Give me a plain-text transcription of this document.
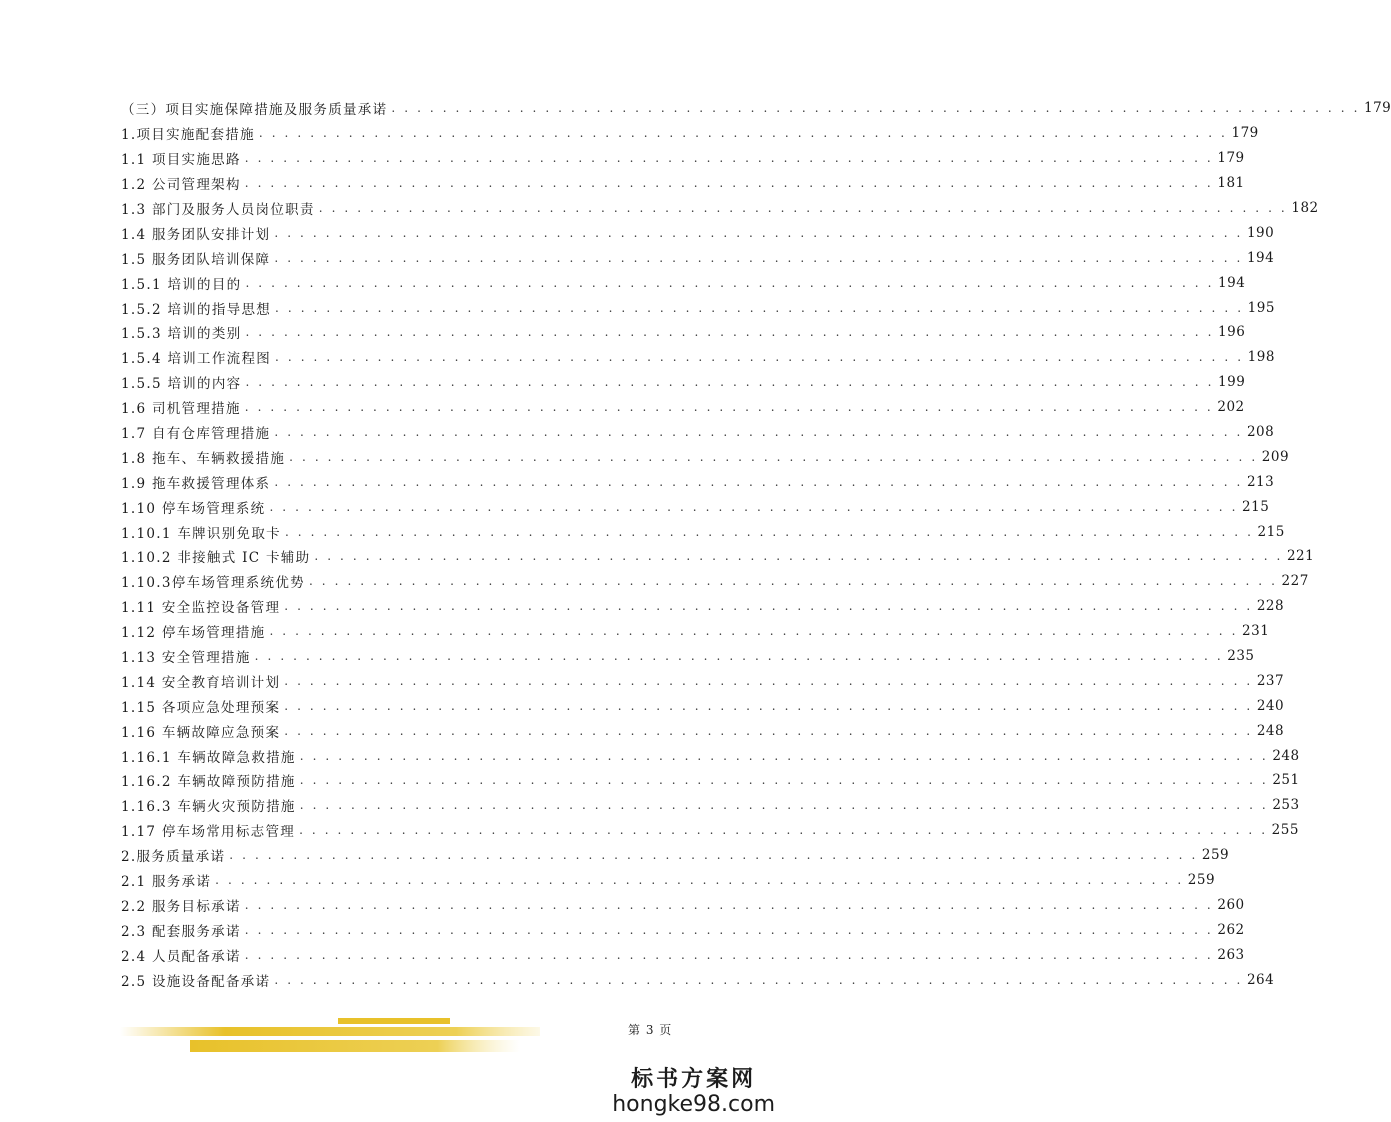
（三）项目实施保障措施及服务质量承诺 . . . . . . . . . . . . . . . . . . . . . . . . . . . . . . . . . . . . . . . . . . . . . . . . . . . . . . . . . . . . . . . . . . . . . . . . . . . . 179
1.项目实施配套措施 . . . . . . . . . . . . . . . . . . . . . . . . . . . . . . . . . . . . . . . . . . . . . . . . . . . . . . . . . . . . . . . . . . . . . . . . . . . . 179
1.1 项目实施思路 . . . . . . . . . . . . . . . . . . . . . . . . . . . . . . . . . . . . . . . . . . . . . . . . . . . . . . . . . . . . . . . . . . . . . . . . . . . . 179
1.2 公司管理架构 . . . . . . . . . . . . . . . . . . . . . . . . . . . . . . . . . . . . . . . . . . . . . . . . . . . . . . . . . . . . . . . . . . . . . . . . . . . . 181
1.3 部门及服务人员岗位职责 . . . . . . . . . . . . . . . . . . . . . . . . . . . . . . . . . . . . . . . . . . . . . . . . . . . . . . . . . . . . . . . . . . . . . . . . . . . . 182
1.4 服务团队安排计划 . . . . . . . . . . . . . . . . . . . . . . . . . . . . . . . . . . . . . . . . . . . . . . . . . . . . . . . . . . . . . . . . . . . . . . . . . . . . 190
1.5 服务团队培训保障 . . . . . . . . . . . . . . . . . . . . . . . . . . . . . . . . . . . . . . . . . . . . . . . . . . . . . . . . . . . . . . . . . . . . . . . . . . . . 194
1.5.1 培训的目的 . . . . . . . . . . . . . . . . . . . . . . . . . . . . . . . . . . . . . . . . . . . . . . . . . . . . . . . . . . . . . . . . . . . . . . . . . . . . 194
1.5.2 培训的指导思想 . . . . . . . . . . . . . . . . . . . . . . . . . . . . . . . . . . . . . . . . . . . . . . . . . . . . . . . . . . . . . . . . . . . . . . . . . . . . 195
1.5.3 培训的类别 . . . . . . . . . . . . . . . . . . . . . . . . . . . . . . . . . . . . . . . . . . . . . . . . . . . . . . . . . . . . . . . . . . . . . . . . . . . . 196
1.5.4 培训工作流程图 . . . . . . . . . . . . . . . . . . . . . . . . . . . . . . . . . . . . . . . . . . . . . . . . . . . . . . . . . . . . . . . . . . . . . . . . . . . . 198
1.5.5 培训的内容 . . . . . . . . . . . . . . . . . . . . . . . . . . . . . . . . . . . . . . . . . . . . . . . . . . . . . . . . . . . . . . . . . . . . . . . . . . . . 199
1.6 司机管理措施 . . . . . . . . . . . . . . . . . . . . . . . . . . . . . . . . . . . . . . . . . . . . . . . . . . . . . . . . . . . . . . . . . . . . . . . . . . . . 202
1.7 自有仓库管理措施 . . . . . . . . . . . . . . . . . . . . . . . . . . . . . . . . . . . . . . . . . . . . . . . . . . . . . . . . . . . . . . . . . . . . . . . . . . . . 208
1.8 拖车、车辆救援措施 . . . . . . . . . . . . . . . . . . . . . . . . . . . . . . . . . . . . . . . . . . . . . . . . . . . . . . . . . . . . . . . . . . . . . . . . . . . . 209
1.9 拖车救援管理体系 . . . . . . . . . . . . . . . . . . . . . . . . . . . . . . . . . . . . . . . . . . . . . . . . . . . . . . . . . . . . . . . . . . . . . . . . . . . . 213
1.10 停车场管理系统 . . . . . . . . . . . . . . . . . . . . . . . . . . . . . . . . . . . . . . . . . . . . . . . . . . . . . . . . . . . . . . . . . . . . . . . . . . . . 215
1.10.1 车牌识别免取卡 . . . . . . . . . . . . . . . . . . . . . . . . . . . . . . . . . . . . . . . . . . . . . . . . . . . . . . . . . . . . . . . . . . . . . . . . . . . . 215
1.10.2 非接触式 IC 卡辅助 . . . . . . . . . . . . . . . . . . . . . . . . . . . . . . . . . . . . . . . . . . . . . . . . . . . . . . . . . . . . . . . . . . . . . . . . . . . . 221
1.10.3停车场管理系统优势 . . . . . . . . . . . . . . . . . . . . . . . . . . . . . . . . . . . . . . . . . . . . . . . . . . . . . . . . . . . . . . . . . . . . . . . . . . . . 227
1.11 安全监控设备管理 . . . . . . . . . . . . . . . . . . . . . . . . . . . . . . . . . . . . . . . . . . . . . . . . . . . . . . . . . . . . . . . . . . . . . . . . . . . . 228
1.12 停车场管理措施 . . . . . . . . . . . . . . . . . . . . . . . . . . . . . . . . . . . . . . . . . . . . . . . . . . . . . . . . . . . . . . . . . . . . . . . . . . . . 231
1.13 安全管理措施 . . . . . . . . . . . . . . . . . . . . . . . . . . . . . . . . . . . . . . . . . . . . . . . . . . . . . . . . . . . . . . . . . . . . . . . . . . . . 235
1.14 安全教育培训计划 . . . . . . . . . . . . . . . . . . . . . . . . . . . . . . . . . . . . . . . . . . . . . . . . . . . . . . . . . . . . . . . . . . . . . . . . . . . . 237
1.15 各项应急处理预案 . . . . . . . . . . . . . . . . . . . . . . . . . . . . . . . . . . . . . . . . . . . . . . . . . . . . . . . . . . . . . . . . . . . . . . . . . . . . 240
1.16 车辆故障应急预案 . . . . . . . . . . . . . . . . . . . . . . . . . . . . . . . . . . . . . . . . . . . . . . . . . . . . . . . . . . . . . . . . . . . . . . . . . . . . 248
1.16.1 车辆故障急救措施 . . . . . . . . . . . . . . . . . . . . . . . . . . . . . . . . . . . . . . . . . . . . . . . . . . . . . . . . . . . . . . . . . . . . . . . . . . . . 248
1.16.2 车辆故障预防措施 . . . . . . . . . . . . . . . . . . . . . . . . . . . . . . . . . . . . . . . . . . . . . . . . . . . . . . . . . . . . . . . . . . . . . . . . . . . . 251
1.16.3 车辆火灾预防措施 . . . . . . . . . . . . . . . . . . . . . . . . . . . . . . . . . . . . . . . . . . . . . . . . . . . . . . . . . . . . . . . . . . . . . . . . . . . . 253
1.17 停车场常用标志管理 . . . . . . . . . . . . . . . . . . . . . . . . . . . . . . . . . . . . . . . . . . . . . . . . . . . . . . . . . . . . . . . . . . . . . . . . . . . . 255
2.服务质量承诺 . . . . . . . . . . . . . . . . . . . . . . . . . . . . . . . . . . . . . . . . . . . . . . . . . . . . . . . . . . . . . . . . . . . . . . . . . . . . 259
2.1 服务承诺 . . . . . . . . . . . . . . . . . . . . . . . . . . . . . . . . . . . . . . . . . . . . . . . . . . . . . . . . . . . . . . . . . . . . . . . . . . . . 259
2.2 服务目标承诺 . . . . . . . . . . . . . . . . . . . . . . . . . . . . . . . . . . . . . . . . . . . . . . . . . . . . . . . . . . . . . . . . . . . . . . . . . . . . 260
2.3 配套服务承诺 . . . . . . . . . . . . . . . . . . . . . . . . . . . . . . . . . . . . . . . . . . . . . . . . . . . . . . . . . . . . . . . . . . . . . . . . . . . . 262
2.4 人员配备承诺 . . . . . . . . . . . . . . . . . . . . . . . . . . . . . . . . . . . . . . . . . . . . . . . . . . . . . . . . . . . . . . . . . . . . . . . . . . . . 263
2.5 设施设备配备承诺 . . . . . . . . . . . . . . . . . . . . . . . . . . . . . . . . . . . . . . . . . . . . . . . . . . . . . . . . . . . . . . . . . . . . . . . . . . . . 264
第 3 页
标书方案网
hongke98.com
